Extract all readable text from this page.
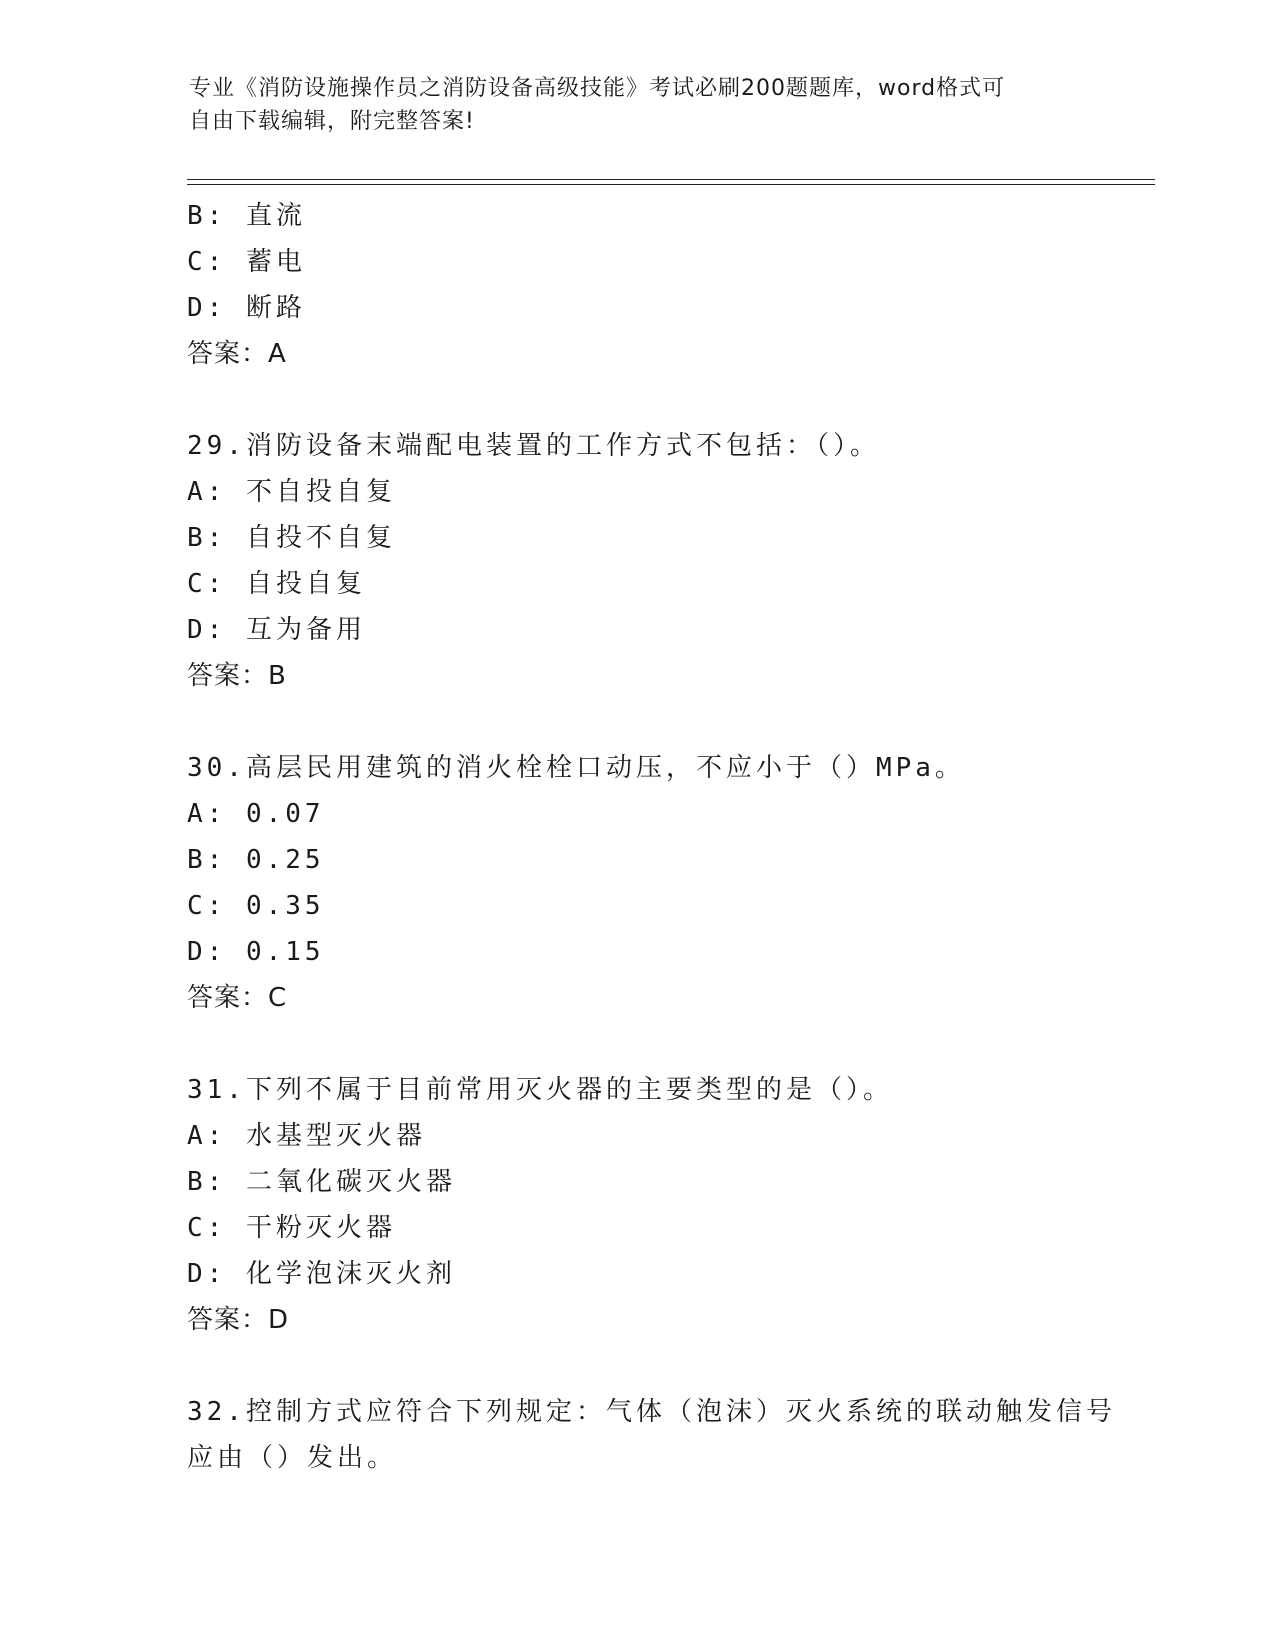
专业《消防设施操作员之消防设备高级技能》考试必刷200题题库，word格式可
自由下载编辑，附完整答案!
B: 直流
C: 蓄电
D: 断路
答案：A
29.消防设备末端配电装置的工作方式不包括：（）。
A: 不自投自复
B: 自投不自复
C: 自投自复
D: 互为备用
答案：B
30.高层民用建筑的消火栓栓口动压，不应小于（）MPa。
A: 0.07
B: 0.25
C: 0.35
D: 0.15
答案：C
31.下列不属于目前常用灭火器的主要类型的是（）。
A: 水基型灭火器
B: 二氧化碳灭火器
C: 干粉灭火器
D: 化学泡沫灭火剂
答案：D
32.控制方式应符合下列规定：气体（泡沫）灭火系统的联动触发信号
应由（）发出。
